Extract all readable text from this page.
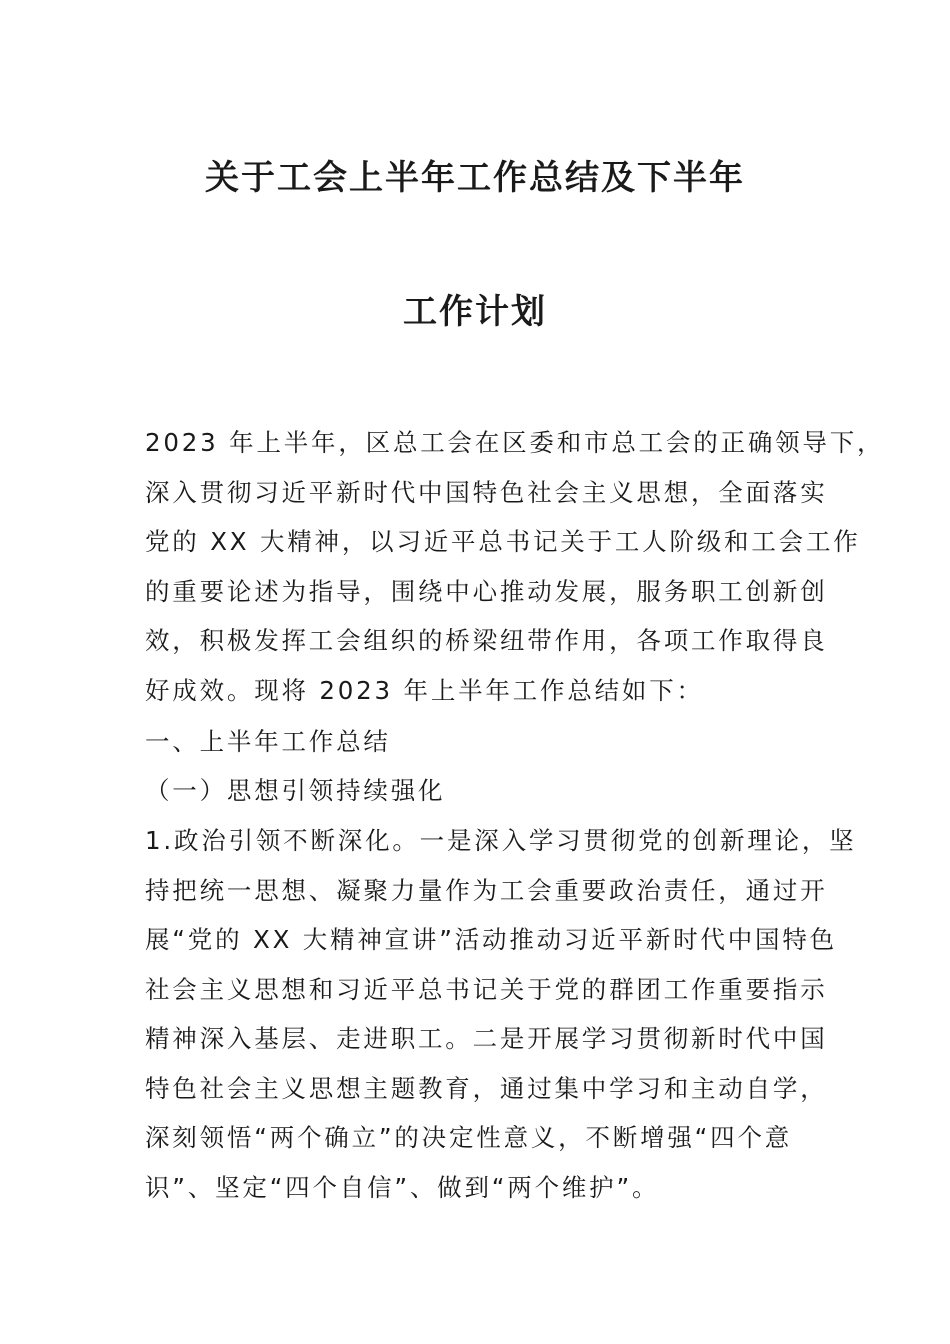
关于工会上半年工作总结及下半年
工作计划
2023 年上半年，区总工会在区委和市总工会的正确领导下，
深入贯彻习近平新时代中国特色社会主义思想，全面落实
党的 XX 大精神，以习近平总书记关于工人阶级和工会工作
的重要论述为指导，围绕中心推动发展，服务职工创新创
效，积极发挥工会组织的桥梁纽带作用，各项工作取得良
好成效。现将 2023 年上半年工作总结如下：
一、上半年工作总结
（一）思想引领持续强化
1.政治引领不断深化。一是深入学习贯彻党的创新理论，坚
持把统一思想、凝聚力量作为工会重要政治责任，通过开
展“党的 XX 大精神宣讲”活动推动习近平新时代中国特色
社会主义思想和习近平总书记关于党的群团工作重要指示
精神深入基层、走进职工。二是开展学习贯彻新时代中国
特色社会主义思想主题教育，通过集中学习和主动自学，
深刻领悟“两个确立”的决定性意义，不断增强“四个意
识”、坚定“四个自信”、做到“两个维护”。
